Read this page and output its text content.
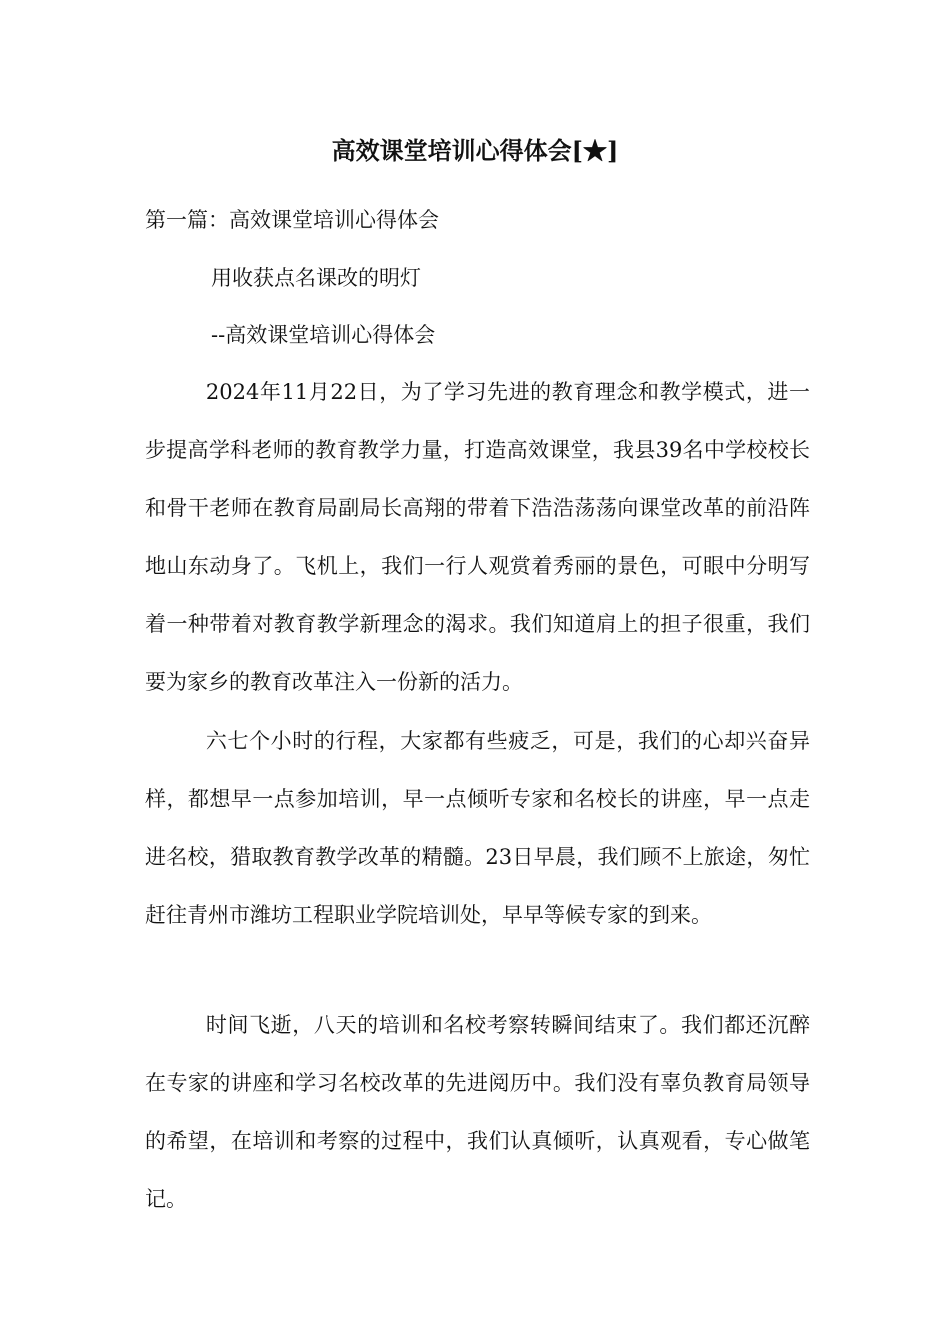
高效课堂培训心得体会[★]
第一篇：高效课堂培训心得体会
用收获点名课改的明灯
--高效课堂培训心得体会

2024年11月22日，为了学习先进的教育理念和教学模式，进一步提高学科老师的教育教学力量，打造高效课堂，我县39名中学校校长和骨干老师在教育局副局长高翔的带着下浩浩荡荡向课堂改革的前沿阵地山东动身了。飞机上，我们一行人观赏着秀丽的景色，可眼中分明写着一种带着对教育教学新理念的渴求。我们知道肩上的担子很重，我们要为家乡的教育改革注入一份新的活力。

六七个小时的行程，大家都有些疲乏，可是，我们的心却兴奋异样，都想早一点参加培训，早一点倾听专家和名校长的讲座，早一点走进名校，猎取教育教学改革的精髓。23日早晨，我们顾不上旅途，匆忙赶往青州市潍坊工程职业学院培训处，早早等候专家的到来。

时间飞逝，八天的培训和名校考察转瞬间结束了。我们都还沉醉在专家的讲座和学习名校改革的先进阅历中。我们没有辜负教育局领导的希望，在培训和考察的过程中，我们认真倾听，认真观看，专心做笔记。
